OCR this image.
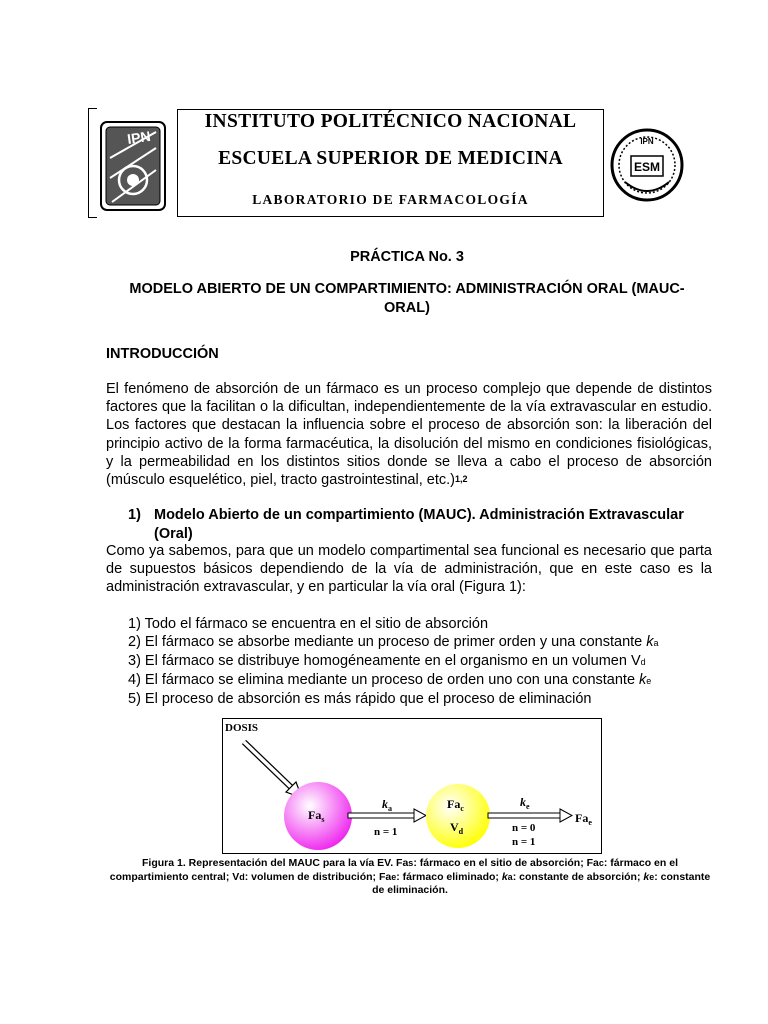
IPN
ESM
IPN
INSTITUTO POLITÉCNICO NACIONAL
ESCUELA SUPERIOR DE MEDICINA
LABORATORIO DE FARMACOLOGÍA
PRÁCTICA No. 3
MODELO ABIERTO DE UN COMPARTIMIENTO: ADMINISTRACIÓN ORAL (MAUC-
ORAL)
INTRODUCCIÓN
El fenómeno de absorción de un fármaco es un proceso complejo que depende de distintos factores que la facilitan o la dificultan, independientemente de la vía extravascular en estudio. Los factores que destacan la influencia sobre el proceso de absorción son: la liberación del principio activo de la forma farmacéutica, la disolución del mismo en condiciones fisiológicas, y la permeabilidad en los distintos sitios donde se lleva a cabo el proceso de absorción (músculo esquelético, piel, tracto gastrointestinal, etc.)$^{1,2}$
1) Modelo Abierto de un compartimiento (MAUC). Administración Extravascular
(Oral)
Como ya sabemos, para que un modelo compartimental sea funcional es necesario que parta de supuestos básicos dependiendo de la vía de administración, que en este caso es la administración extravascular, y en particular la vía oral (Figura 1):
1) Todo el fármaco se encuentra en el sitio de absorción
2) El fármaco se absorbe mediante un proceso de primer orden y una constante ka
3) El fármaco se distribuye homogéneamente en el organismo en un volumen Vd
4) El fármaco se elimina mediante un proceso de orden uno con una constante ke
5) El proceso de absorción es más rápido que el proceso de eliminación
DOSIS
$Fa_s$
$k_a$
n = 1
$Fa_c$
$V_d$
$k_e$
n = 0
n = 1
$Fa_e$
Figura 1. Representación del MAUC para la vía EV. Fas: fármaco en el sitio de absorción; Fac: fármaco en el compartimiento central; Vd: volumen de distribución; Fae: fármaco eliminado; ka: constante de absorción; ke: constante de eliminación.
